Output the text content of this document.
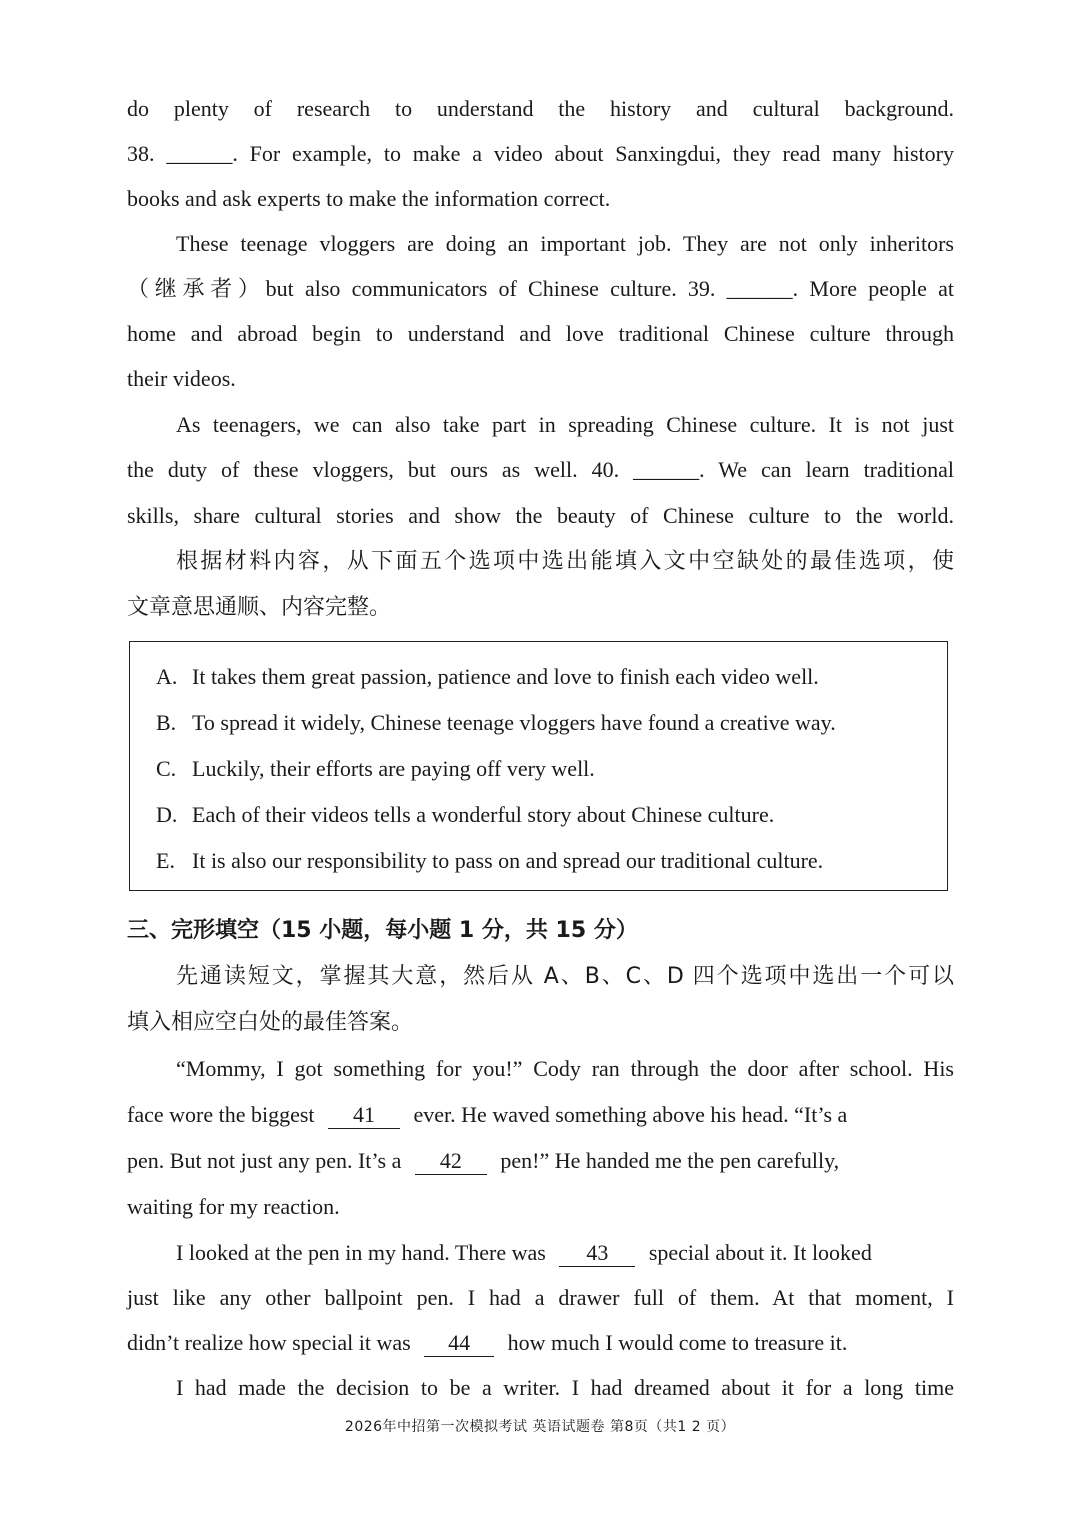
do plenty of research to understand the history and cultural background.
38. ______. For example, to make a video about Sanxingdui, they read many history
books and ask experts to make the information correct.
These teenage vloggers are doing an important job. They are not only inheritors
（继承者）but also communicators of Chinese culture. 39. ______. More people at
home and abroad begin to understand and love traditional Chinese culture through
their videos.
As teenagers, we can also take part in spreading Chinese culture. It is not just
the duty of these vloggers, but ours as well. 40. ______. We can learn traditional
skills, share cultural stories and show the beauty of Chinese culture to the world.
根据材料内容，从下面五个选项中选出能填入文中空缺处的最佳选项，使
文章意思通顺、内容完整。
A. It takes them great passion, patience and love to finish each video well.
B. To spread it widely, Chinese teenage vloggers have found a creative way.
C. Luckily, their efforts are paying off very well.
D. Each of their videos tells a wonderful story about Chinese culture.
E. It is also our responsibility to pass on and spread our traditional culture.
三、完形填空（15 小题，每小题 1 分，共 15 分）
先通读短文，掌握其大意，然后从 A、B、C、D 四个选项中选出一个可以
填入相应空白处的最佳答案。
“Mommy, I got something for you!” Cody ran through the door after school. His
face wore the biggest 41 ever. He waved something above his head. “It’s a
pen. But not just any pen. It’s a 42 pen!” He handed me the pen carefully,
waiting for my reaction.
I looked at the pen in my hand. There was 43 special about it. It looked
just like any other ballpoint pen. I had a drawer full of them. At that moment, I
didn’t realize how special it was 44 how much I would come to treasure it.
I had made the decision to be a writer. I had dreamed about it for a long time
2026年中招第一次模拟考试 英语试题卷 第8页（共1 2 页）
